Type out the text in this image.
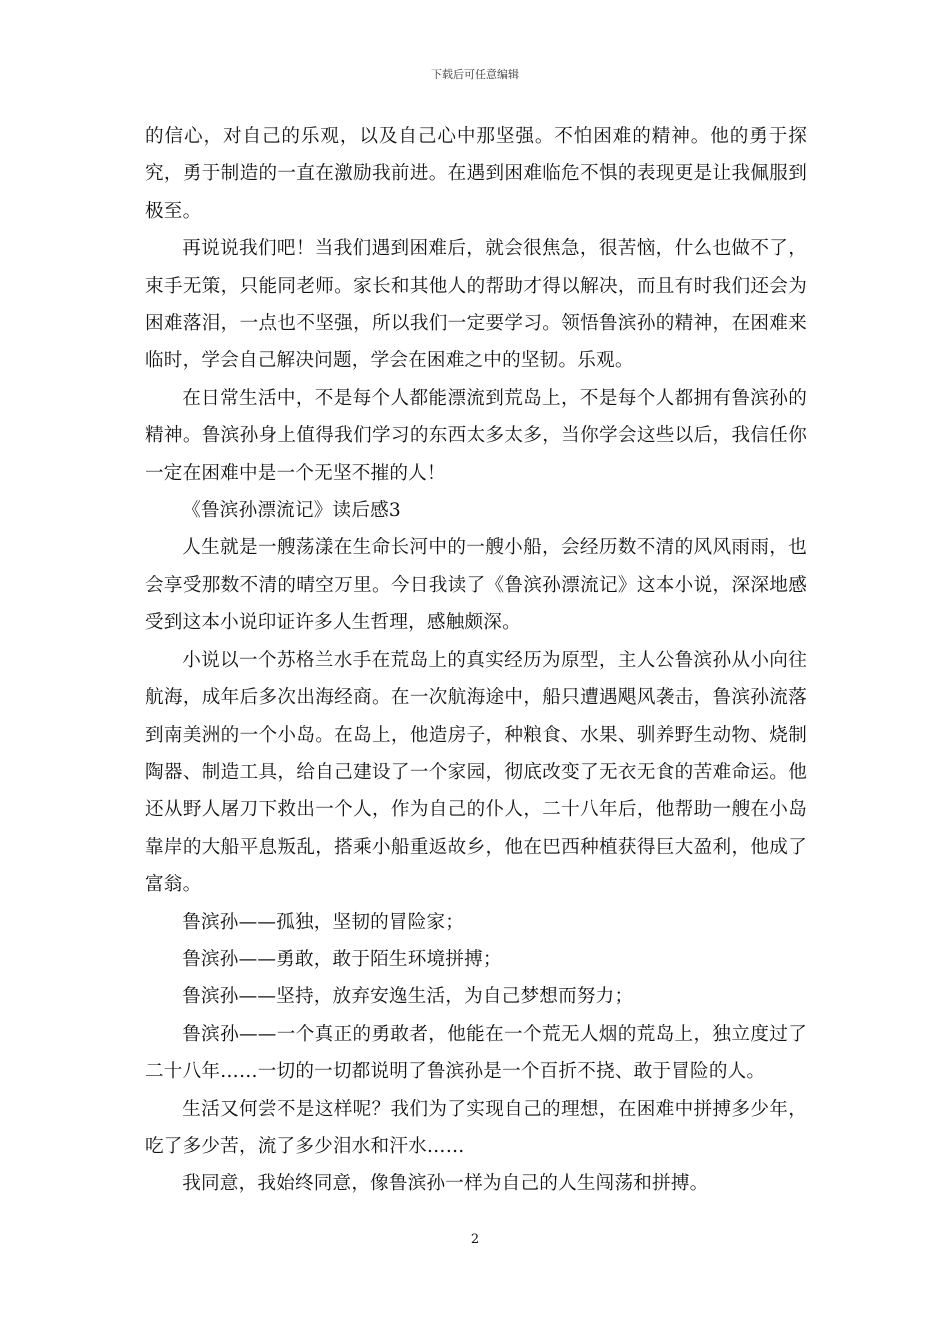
下载后可任意编辑

的信心，对自己的乐观，以及自己心中那坚强。不怕困难的精神。他的勇于探究，勇于制造的一直在激励我前进。在遇到困难临危不惧的表现更是让我佩服到极至。

再说说我们吧！当我们遇到困难后，就会很焦急，很苦恼，什么也做不了，束手无策，只能同老师。家长和其他人的帮助才得以解决，而且有时我们还会为困难落泪，一点也不坚强，所以我们一定要学习。领悟鲁滨孙的精神，在困难来临时，学会自己解决问题，学会在困难之中的坚韧。乐观。

在日常生活中，不是每个人都能漂流到荒岛上，不是每个人都拥有鲁滨孙的精神。鲁滨孙身上值得我们学习的东西太多太多，当你学会这些以后，我信任你一定在困难中是一个无坚不摧的人！

《鲁滨孙漂流记》读后感3

人生就是一艘荡漾在生命长河中的一艘小船，会经历数不清的风风雨雨，也会享受那数不清的晴空万里。今日我读了《鲁滨孙漂流记》这本小说，深深地感受到这本小说印证许多人生哲理，感触颇深。

小说以一个苏格兰水手在荒岛上的真实经历为原型，主人公鲁滨孙从小向往航海，成年后多次出海经商。在一次航海途中，船只遭遇飓风袭击，鲁滨孙流落到南美洲的一个小岛。在岛上，他造房子，种粮食、水果、驯养野生动物、烧制陶器、制造工具，给自己建设了一个家园，彻底改变了无衣无食的苦难命运。他还从野人屠刀下救出一个人，作为自己的仆人，二十八年后，他帮助一艘在小岛靠岸的大船平息叛乱，搭乘小船重返故乡，他在巴西种植获得巨大盈利，他成了富翁。

鲁滨孙——孤独，坚韧的冒险家；

鲁滨孙——勇敢，敢于陌生环境拼搏；

鲁滨孙——坚持，放弃安逸生活，为自己梦想而努力；

鲁滨孙——一个真正的勇敢者，他能在一个荒无人烟的荒岛上，独立度过了二十八年……一切的一切都说明了鲁滨孙是一个百折不挠、敢于冒险的人。

生活又何尝不是这样呢？我们为了实现自己的理想，在困难中拼搏多少年，吃了多少苦，流了多少泪水和汗水……

我同意，我始终同意，像鲁滨孙一样为自己的人生闯荡和拼搏。

2
